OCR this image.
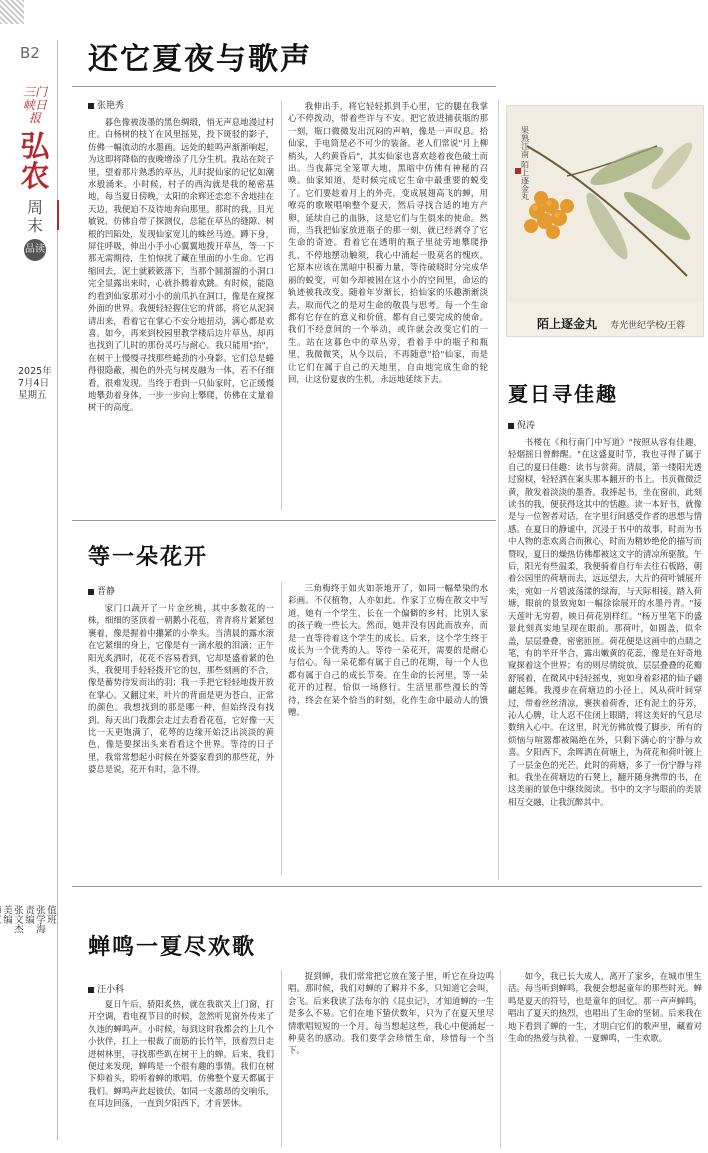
B2
三门峡日报
弘农
周末
品读
2025年
7月4日
星期五
值班
张学海
责编
张文杰
美编
还它夏夜与歌声
张艳秀

暮色像被泼墨的黑色绸缎，悄无声息地漫过村庄。白杨树的枝丫在风里摇晃，投下斑驳的影子，仿佛一幅流动的水墨画。远处的蛙鸣声渐渐响起，为这即将降临的夜晚增添了几分生机。我站在院子里，望着那片熟悉的草丛，儿时捉仙家的记忆如潮水般涌来。小时候，村子的西沟就是我的秘密基地，每当夏日傍晚，太阳的余辉还恋恋不舍地挂在天边，我便迫不及待地奔向那里。那时的我，目光敏锐，仿佛自带了探测仪，总能在草丛的缝隙、树根的凹陷处，发现仙家宽儿的蛛丝马迹。蹲下身，屏住呼吸，伸出小手小心翼翼地拨开草丛，等一下那无需期待，生怕惊扰了藏在里面的小生命。它再缩回去，泥土就簌簌落下，当那个圆溜溜的小洞口完全显露出来时，心就扑腾着欢跳。有时候，能隐约看到仙家那对小小的前爪扒在洞口，像是在窥探外面的世界。我便轻轻握住它的背部，将它从泥洞请出来，看着它在掌心不安分地扭动，满心都是欢喜。如今，再来到校园里教学楼后边片草丛，却再也找到了儿时的那份灵巧与耐心。我只能用"抬"，在树干上慢慢寻找那些蜷劲的小身影。它们总是蜷得很隐蔽，褐色的外壳与树皮融为一体，若不仔细看，很难发现。当终于看到一只仙家时，它正缓慢地攀劲着身体，一步一步向上攀爬，仿佛在丈量着树干的高度。

我伸出手，将它轻轻抓到手心里，它的腿在我掌心不停拨动，带着些许与不安。把它放进捕获瓶的那一刻，瓶口微微发出沉闷的声响，像是一声叹息。拾仙家，手电筒是必不可少的装备。老人们常说"月上柳梢头，人约黄昏后"，其实仙家也喜欢趁着夜色破土而出。当夜幕完全笼罩大地，黑暗中仿佛有神秘的召唤。仙家知道，是时候完成它生命中最重要的蜕变了。它们要趁着月上的外壳，变成展翅高飞的蝉，用嘹亮的歌喉唱响整个夏天，然后寻找合适的地方产卵，延续自己的血脉，这是它们与生俱来的使命。然而，当我把仙家放进瓶子的那一刻，就已经剥夺了它生命的奇迹。看着它在透明的瓶子里徒劳地攀爬挣扎，不停地摆动触须，我心中涌起一股莫名的愧疚。它原本应该在黑暗中积蓄力量，等待破晓时分完成华丽的蜕变，可如今却被困在这小小的空间里，命运的轨迹被我改变。随着年岁渐长，拾仙家的乐趣渐渐淡去，取而代之的是对生命的敬畏与思考。每一个生命都有它存在的意义和价值，都有自己要完成的使命。我们不经意间的一个举动，或许就会改变它们的一生。站在这暮色中的草丛旁，看着手中的瓶子和瓶里，我微微笑，从今以后，不再随意"拾"仙家，而是让它们在属于自己的天地里，自由地完成生命的轮回，让这份夏夜的生机，永远地延续下去。

果熟江南 陌上逐金丸
陌上逐金丸 寿光世纪学校/王蓉
夏日寻佳趣
倪涛

书楼在《和行南门中写道》"按照从容有佳趣，轻烟摇日曾醉醒。"在这盛夏时节，我也寻得了属于自己的夏日佳趣：读书与赏荷。清晨，第一缕阳光透过窗棂，轻轻洒在案头那本翻开的书上。书页微微泛黄，散发着淡淡的墨香。我捧起书，坐在窗前，此刻读书的我，便获得这其中的恬趣。读一本好书，就像是与一位智者对话，在字里行间感受作者的思想与情感。在夏日的静谧中，沉浸于书中的故事，时而为书中人物的悲欢离合而揪心，时而为精妙绝伦的描写而赞叹，夏日的燥热仿佛都被这文字的清凉所驱散。午后，阳光有些温柔，我便骑着自行车去往石板路，朝着公园里的荷塘而去，远远望去，大片的荷叶铺展开来，宛如一片碧波荡漾的绿海，与天际相接。踏入荷塘，眼前的景致宛如一幅徐徐展开的水墨丹青。"接天莲叶无穷碧，映日荷花别样红。"杨万里笔下的盛景此刻真实地呈现在眼前。那荷叶，如圆盖，似伞盖，层层叠叠，密密匝匝。荷花便是这画中的点睛之笔，有的半开半合，露出嫩黄的花蕊，像是在好奇地窥探着这个世界；有的则尽情绽放，层层叠叠的花瓣舒展着，在微风中轻轻摇曳，宛如身着彩裙的仙子翩翩起舞。我漫步在荷塘边的小径上，风从荷叶间穿过，带着丝丝清凉，裹挟着荷香，还有泥土的芬芳，沁人心脾，让人忍不住闭上眼睛，将这美好的气息尽数纳入心中。在这里，时光仿佛放慢了脚步，所有的烦恼与喧嚣都被隔绝在外，只剩下满心的宁静与欢喜。夕阳西下，余晖洒在荷塘上，为荷花和荷叶镀上了一层金色的光芒。此时的荷塘，多了一份宁静与祥和。我坐在荷塘边的石凳上，翻开随身携带的书，在这美丽的景色中继续阅读。书中的文字与眼前的美景相互交融，让我沉醉其中。

等一朵花开
晋静

家门口蔬开了一片金丝桃，其中多数花的一株，细细的茎顶着一朝鹅小花苞，青青将片紧紧包裹着，像是握着中攥紧的小拳头。当清晨的露水滚在它紧细的身上，它像是有一滴水般的泪滴；正午阳光炙洒时，花花不容易看到，它却是盛着紧的色头，我便用手轻轻拨开它的包，那些刻画的不合，像是蓄势待发而出的羽；我一手把它轻轻地拨开放在掌心。又翻过来，叶片的背面是更为苍白，正常的颜色。我想找到的那是哪一种，但始终没有找到。每天出门我都会走过去看看花苞，它好像一天比一天更饱满了，花萼的边缘开始泛出淡淡的黄色，像是要探出头来看看这个世界。等待的日子里，我常常想起小时候在外婆家看到的那些花，外婆总是说，花开有时，急不得。

三角梅终于如火如荼地开了，如同一幅晕染的水彩画。不仅植物，人亦如此。作家丁立梅在散文中写道，她有一个学生，长在一个偏僻的乡村，比别人家的孩子晚一些长大。然而，她并没有因此而放弃，而是一直等待着这个学生的成长。后来，这个学生终于成长为一个优秀的人。等待一朵花开，需要的是耐心与信心。每一朵花都有属于自己的花期，每一个人也都有属于自己的成长节奏。在生命的长河里，等一朵花开的过程，恰似一场修行。生活里那些漫长的等待，终会在某个恰当的时刻，化作生命中最动人的馈赠。

蝉鸣一夏尽欢歌
汪小科

夏日午后，骄阳炙热，就在我欲关上门窗，打开空调，看电视节目的时候，忽然听见窗外传来了久违的蝉鸣声。小时候，每到这时我都会约上几个小伙伴，扛上一根裁了面筋的长竹竿，顶着烈日走进树林里，寻找那些趴在树干上的蝉。后来，我们便过来发现，蝉鸣是一个很有趣的事情。我们在树下仰着头，聆听着蝉的歌唱，仿佛整个夏天都属于我们。蝉鸣声此起彼伏，如同一支激昂的交响乐，在耳边回荡，一直到夕阳西下，才肯罢休。

捉到蝉，我们常常把它放在笼子里，听它在身边鸣唱。那时候，我们对蝉的了解并不多，只知道它会叫，会飞。后来我读了法布尔的《昆虫记》，才知道蝉的一生是多么不易。它们在地下蛰伏数年，只为了在夏天里尽情歌唱短短的一个月。每当想起这些，我心中便涌起一种莫名的感动。我们要学会珍惜生命，珍惜每一个当下。

如今，我已长大成人，离开了家乡，在城市里生活。每当听到蝉鸣，我便会想起童年的那些时光。蝉鸣是夏天的符号，也是童年的回忆。那一声声蝉鸣，唱出了夏天的热烈，也唱出了生命的坚韧。后来我在地下看到了蝉的一生，才明白它们的歌声里，藏着对生命的热爱与执着。一夏蝉鸣，一生欢歌。
